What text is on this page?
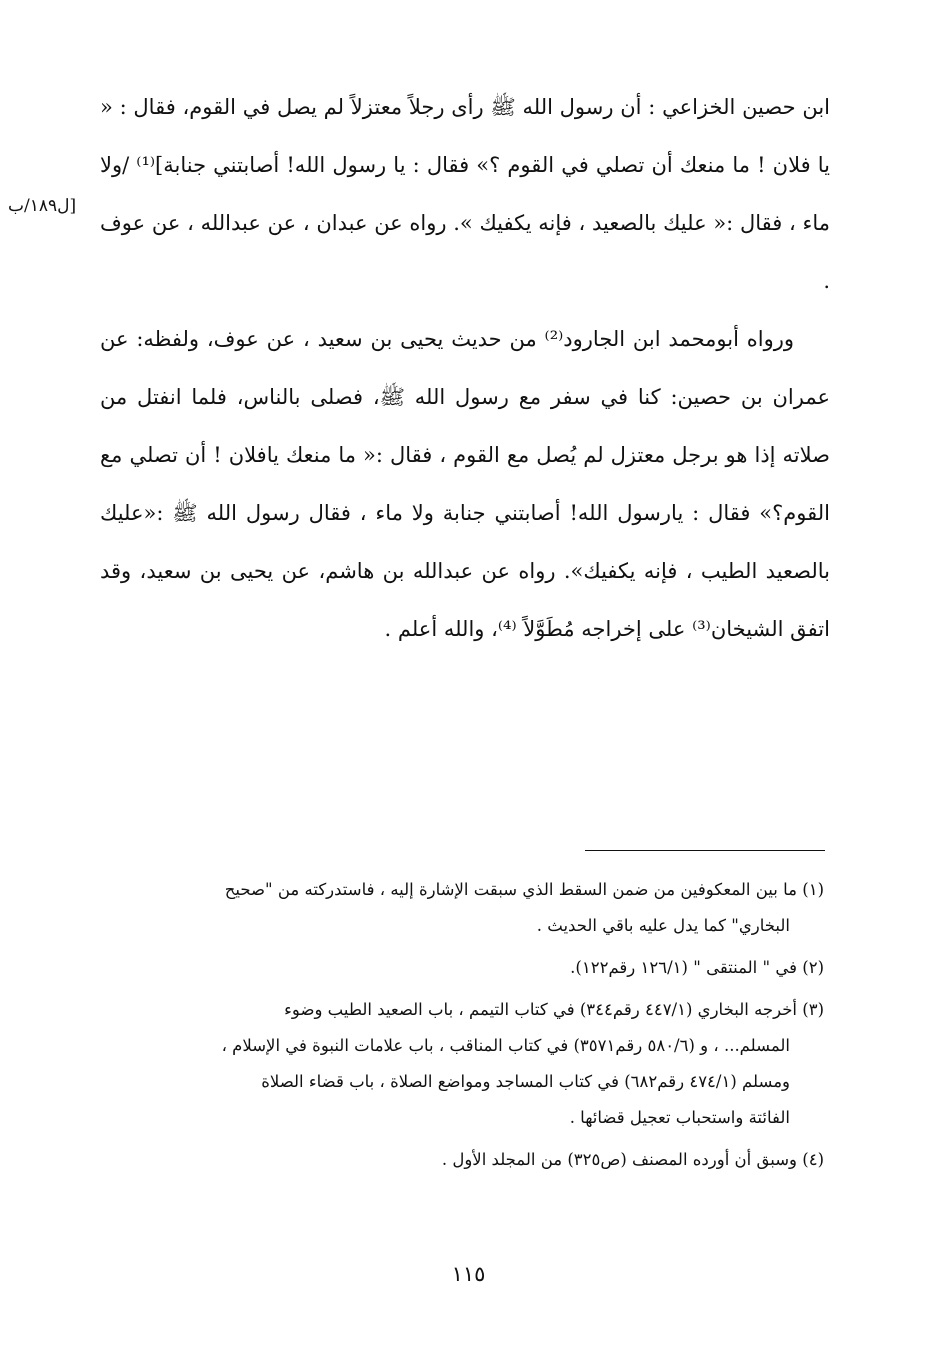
ابن حصين الخزاعي : أن رسول الله ﷺ رأى رجلاً معتزلاً لم يصل في القوم، فقال : « يا فلان ! ما منعك أن تصلي في القوم ؟» فقال : يا رسول الله! أصابتني جنابة]⁽¹⁾ /ولا ماء ، فقال :« عليك بالصعيد ، فإنه يكفيك ». رواه عن عبدان ، عن عبدالله ، عن عوف .

ورواه أبومحمد ابن الجارود⁽²⁾ من حديث يحيى بن سعيد ، عن عوف، ولفظه: عن عمران بن حصين: كنا في سفر مع رسول الله ﷺ، فصلى بالناس، فلما انفتل من صلاته إذا هو برجل معتزل لم يُصل مع القوم ، فقال :« ما منعك يافلان ! أن تصلي مع القوم؟» فقال : يارسول الله! أصابتني جنابة ولا ماء ، فقال رسول الله ﷺ :«عليك بالصعيد الطيب ، فإنه يكفيك». رواه عن عبدالله بن هاشم، عن يحيى بن سعيد، وقد اتفق الشيخان⁽³⁾ على إخراجه مُطَوَّلاً ⁽⁴⁾، والله أعلم .

[ل١٨٩/ب

(١) ما بين المعكوفين من ضمن السقط الذي سبقت الإشارة إليه ، فاستدركته من "صحيح

البخاري" كما يدل عليه باقي الحديث .

(٢) في " المنتقى " (١٢٦/١ رقم١٢٢).

(٣) أخرجه البخاري (٤٤٧/١ رقم٣٤٤) في كتاب التيمم ، باب الصعيد الطيب وضوء

المسلم... ، و (٥٨٠/٦ رقم٣٥٧١) في كتاب المناقب ، باب علامات النبوة في الإسلام ،

ومسلم (٤٧٤/١ رقم٦٨٢) في كتاب المساجد ومواضع الصلاة ، باب قضاء الصلاة

الفائتة واستحباب تعجيل قضائها .

(٤) وسبق أن أورده المصنف (ص٣٢٥) من المجلد الأول .

١١٥
